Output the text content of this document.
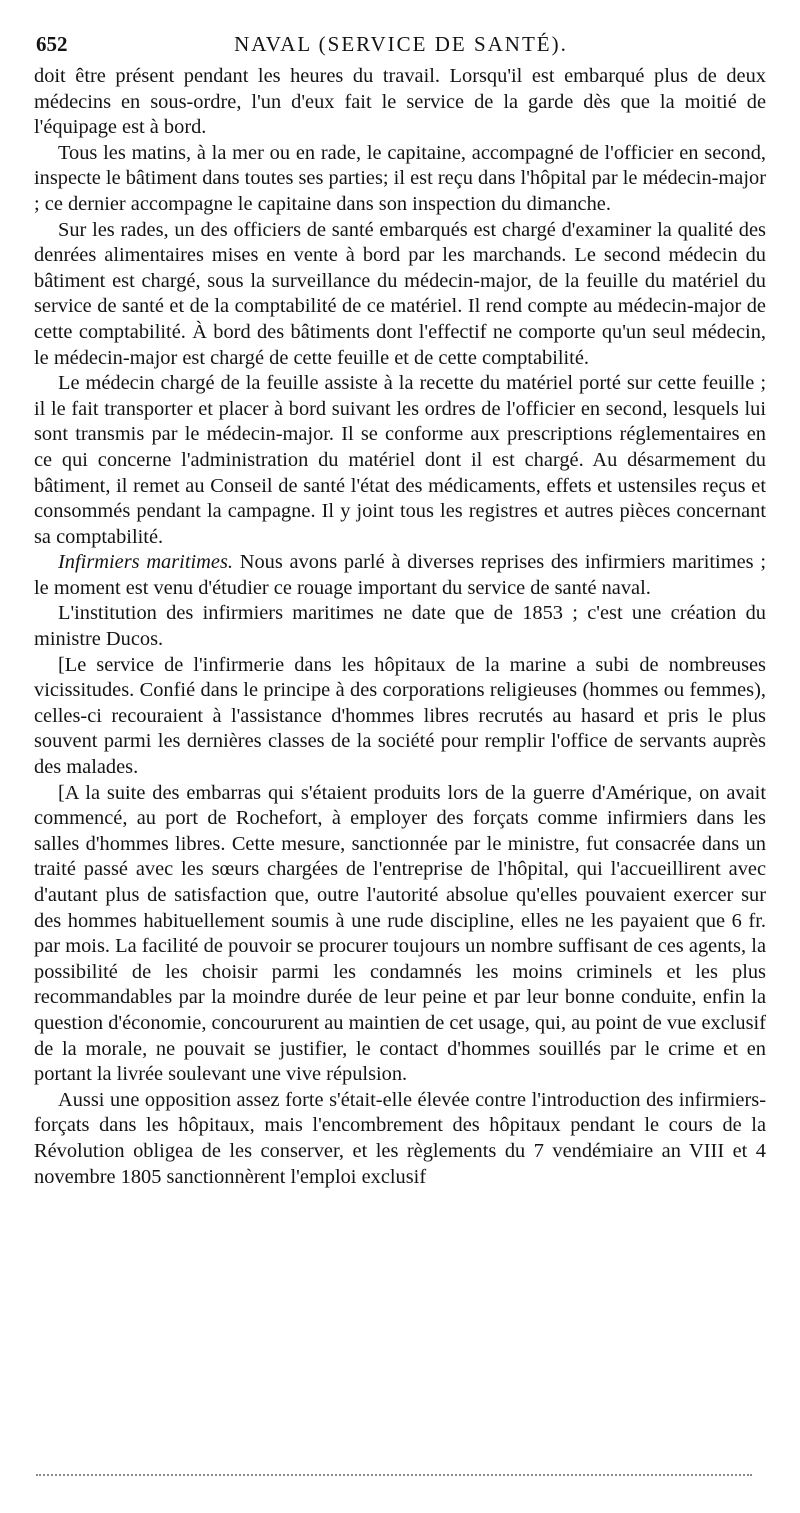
652	NAVAL (SERVICE DE SANTÉ).

doit être présent pendant les heures du travail. Lorsqu'il est embarqué plus de deux médecins en sous-ordre, l'un d'eux fait le service de la garde dès que la moitié de l'équipage est à bord.

Tous les matins, à la mer ou en rade, le capitaine, accompagné de l'officier en second, inspecte le bâtiment dans toutes ses parties; il est reçu dans l'hôpital par le médecin-major ; ce dernier accompagne le capitaine dans son inspection du dimanche.

Sur les rades, un des officiers de santé embarqués est chargé d'examiner la qualité des denrées alimentaires mises en vente à bord par les marchands. Le second médecin du bâtiment est chargé, sous la surveillance du médecin-major, de la feuille du matériel du service de santé et de la comptabilité de ce matériel. Il rend compte au médecin-major de cette comptabilité. À bord des bâtiments dont l'effectif ne comporte qu'un seul médecin, le médecin-major est chargé de cette feuille et de cette comptabilité.

Le médecin chargé de la feuille assiste à la recette du matériel porté sur cette feuille ; il le fait transporter et placer à bord suivant les ordres de l'officier en second, lesquels lui sont transmis par le médecin-major. Il se conforme aux prescriptions réglementaires en ce qui concerne l'administration du matériel dont il est chargé. Au désarmement du bâtiment, il remet au Conseil de santé l'état des médicaments, effets et ustensiles reçus et consommés pendant la campagne. Il y joint tous les registres et autres pièces concernant sa comptabilité.

Infirmiers maritimes. Nous avons parlé à diverses reprises des infirmiers maritimes ; le moment est venu d'étudier ce rouage important du service de santé naval.

L'institution des infirmiers maritimes ne date que de 1853 ; c'est une création du ministre Ducos.

[Le service de l'infirmerie dans les hôpitaux de la marine a subi de nombreuses vicissitudes. Confié dans le principe à des corporations religieuses (hommes ou femmes), celles-ci recouraient à l'assistance d'hommes libres recrutés au hasard et pris le plus souvent parmi les dernières classes de la société pour remplir l'office de servants auprès des malades.

[A la suite des embarras qui s'étaient produits lors de la guerre d'Amérique, on avait commencé, au port de Rochefort, à employer des forçats comme infirmiers dans les salles d'hommes libres. Cette mesure, sanctionnée par le ministre, fut consacrée dans un traité passé avec les sœurs chargées de l'entreprise de l'hôpital, qui l'accueillirent avec d'autant plus de satisfaction que, outre l'autorité absolue qu'elles pouvaient exercer sur des hommes habituellement soumis à une rude discipline, elles ne les payaient que 6 fr. par mois. La facilité de pouvoir se procurer toujours un nombre suffisant de ces agents, la possibilité de les choisir parmi les condamnés les moins criminels et les plus recommandables par la moindre durée de leur peine et par leur bonne conduite, enfin la question d'économie, concoururent au maintien de cet usage, qui, au point de vue exclusif de la morale, ne pouvait se justifier, le contact d'hommes souillés par le crime et en portant la livrée soulevant une vive répulsion.

Aussi une opposition assez forte s'était-elle élevée contre l'introduction des infirmiers-forçats dans les hôpitaux, mais l'encombrement des hôpitaux pendant le cours de la Révolution obligea de les conserver, et les règlements du 7 vendémiaire an VIII et 4 novembre 1805 sanctionnèrent l'emploi exclusif
